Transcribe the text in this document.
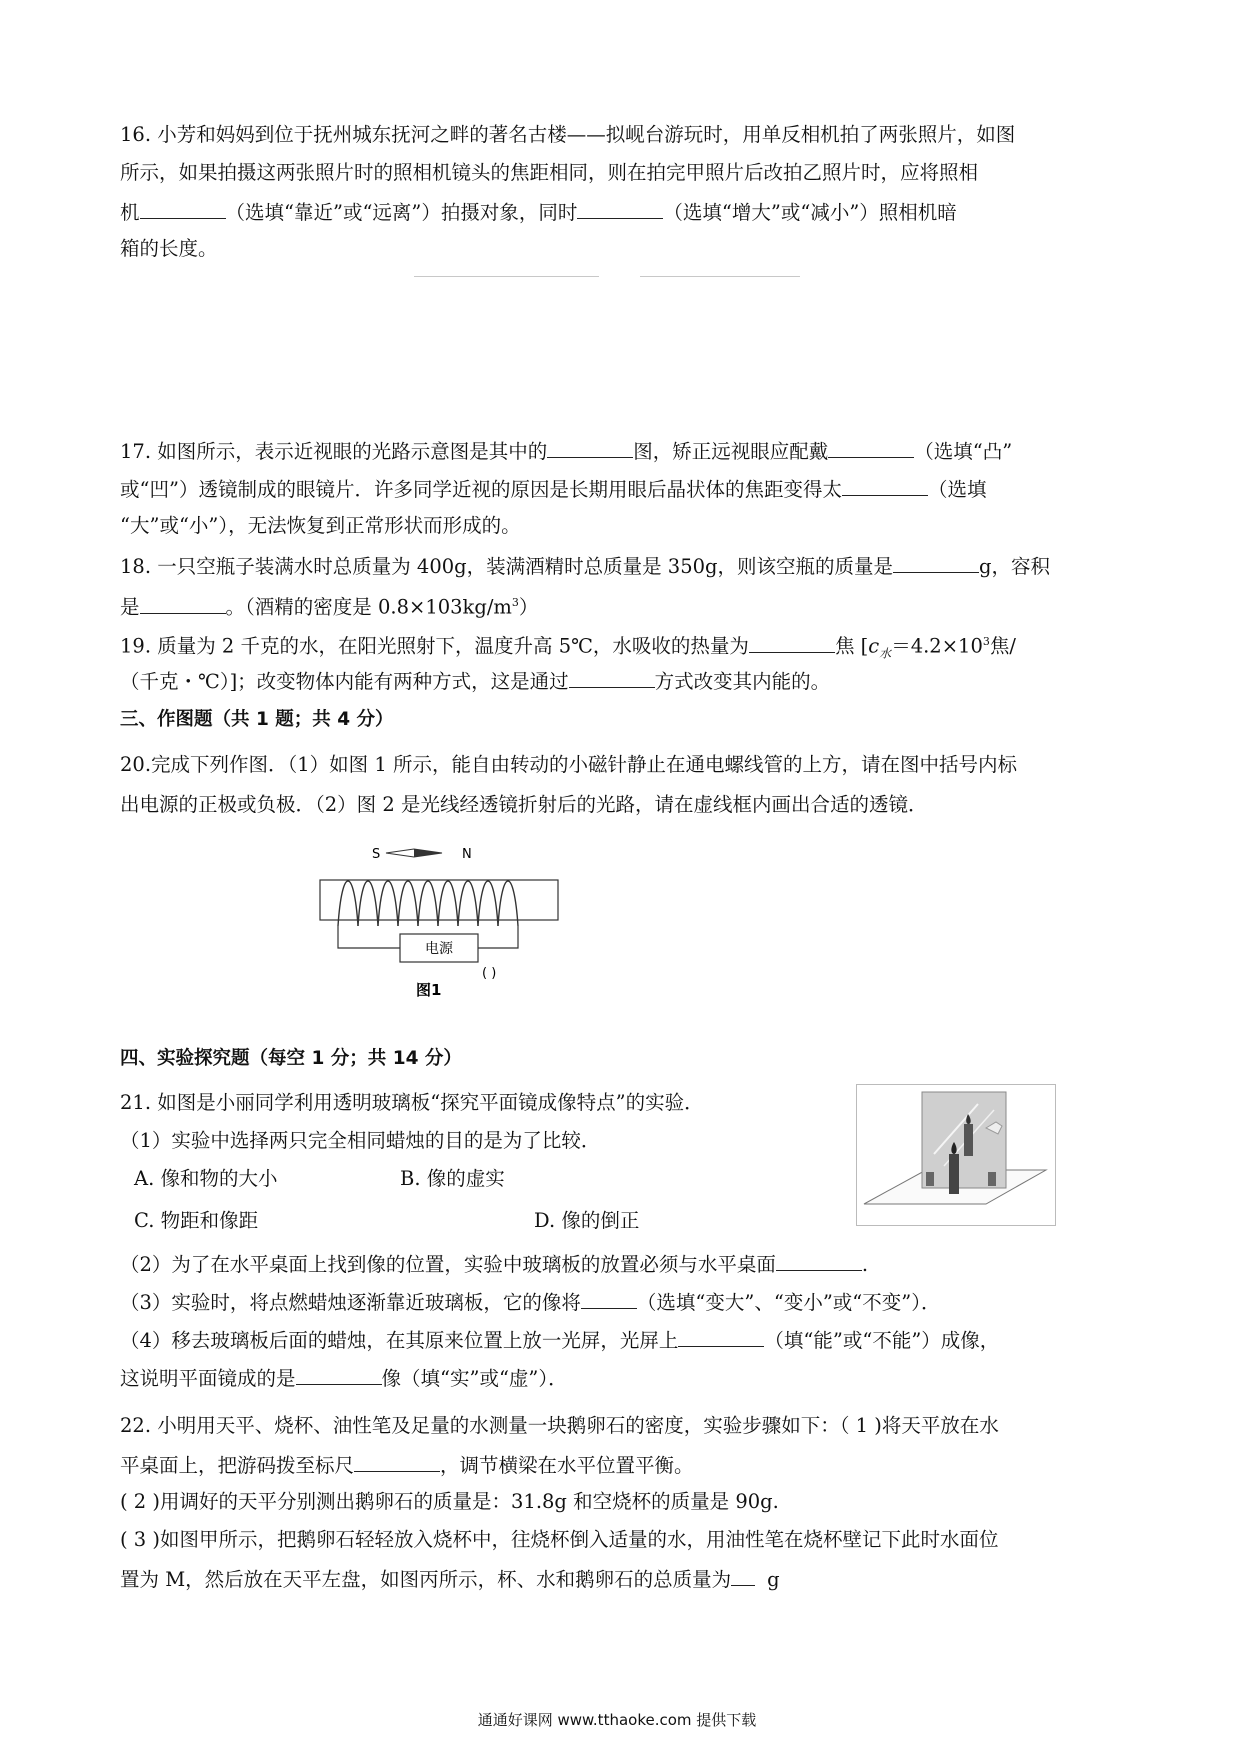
16. 小芳和妈妈到位于抚州城东抚河之畔的著名古楼——拟岘台游玩时，用单反相机拍了两张照片，如图
所示，如果拍摄这两张照片时的照相机镜头的焦距相同，则在拍完甲照片后改拍乙照片时，应将照相
机	（选填“靠近”或“远离”）拍摄对象，同时	（选填“增大”或“减小”）照相机暗
箱的长度。
17. 如图所示，表示近视眼的光路示意图是其中的	图，矫正远视眼应配戴	（选填“凸”
或“凹”）透镜制成的眼镜片．许多同学近视的原因是长期用眼后晶状体的焦距变得太	（选填
“大”或“小”），无法恢复到正常形状而形成的。
18. 一只空瓶子装满水时总质量为 400g，装满酒精时总质量是 350g，则该空瓶的质量是	g，容积
是	。（酒精的密度是 $0.8\times 103kg/m^3$）
19. 质量为 2 千克的水，在阳光照射下，温度升高 5℃，水吸收的热量为	焦 [$c_水=4.2\times 10^3$焦/
（千克・℃）]；改变物体内能有两种方式，这是通过	方式改变其内能的。
三、作图题（共 1 题；共 4 分）
20.完成下列作图．（1）如图 1 所示，能自由转动的小磁针静止在通电螺线管的上方，请在图中括号内标
出电源的正极或负极．（2）图 2 是光线经透镜折射后的光路，请在虚线框内画出合适的透镜．
S	N
电源
( )
图1
四、实验探究题（每空 1 分；共 14 分）
21. 如图是小丽同学利用透明玻璃板“探究平面镜成像特点”的实验．
（1）实验中选择两只完全相同蜡烛的目的是为了比较．
A. 像和物的大小	B. 像的虚实
C. 物距和像距	D. 像的倒正
（2）为了在水平桌面上找到像的位置，实验中玻璃板的放置必须与水平桌面	.
（3）实验时，将点燃蜡烛逐渐靠近玻璃板，它的像将	（选填“变大”、“变小”或“不变”）．
（4）移去玻璃板后面的蜡烛，在其原来位置上放一光屏，光屏上	（填“能”或“不能”）成像，
这说明平面镜成的是	像（填“实”或“虚”）．
22. 小明用天平、烧杯、油性笔及足量的水测量一块鹅卵石的密度，实验步骤如下：（ 1 )将天平放在水
平桌面上，把游码拨至标尺	，调节横梁在水平位置平衡。
( 2 )用调好的天平分别测出鹅卵石的质量是：31.8g 和空烧杯的质量是 90g.
( 3 )如图甲所示，把鹅卵石轻轻放入烧杯中，往烧杯倒入适量的水，用油性笔在烧杯壁记下此时水面位
置为 M，然后放在天平左盘，如图丙所示，杯、水和鹅卵石的总质量为 g
通通好课网 www.tthaoke.com 提供下载
